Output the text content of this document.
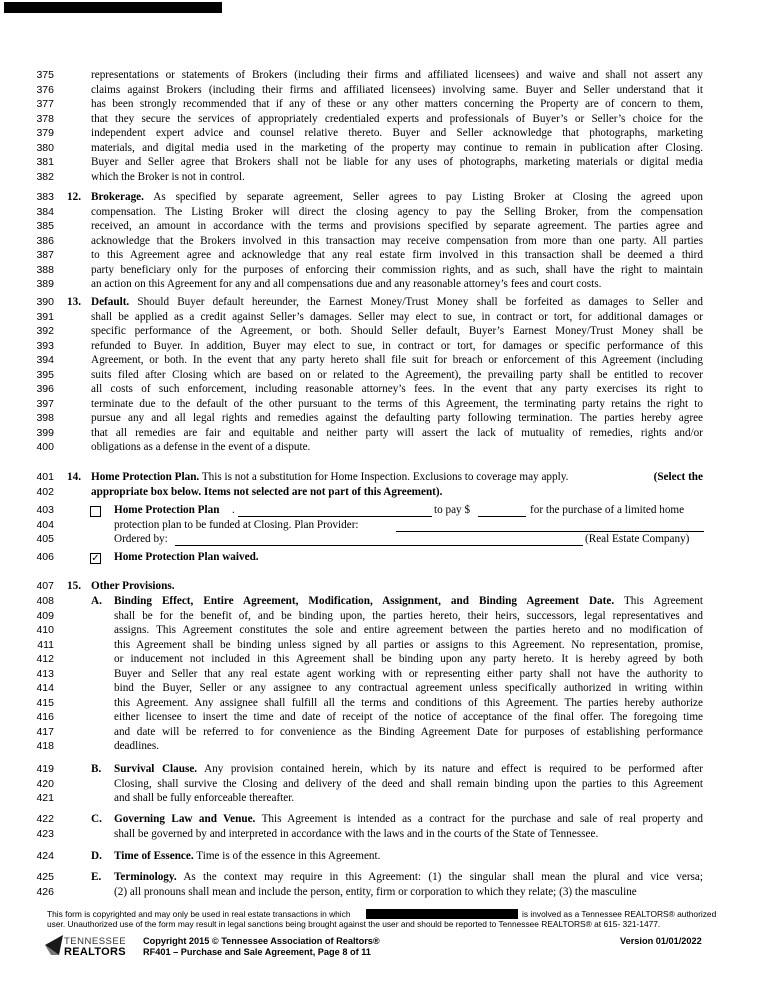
375	representations or statements of Brokers (including their firms and affiliated licensees) and waive and shall not assert any
376	claims against Brokers (including their firms and affiliated licensees) involving same. Buyer and Seller understand that it
377	has been strongly recommended that if any of these or any other matters concerning the Property are of concern to them,
378	that they secure the services of appropriately credentialed experts and professionals of Buyer’s or Seller’s choice for the
379	independent expert advice and counsel relative thereto. Buyer and Seller acknowledge that photographs, marketing
380	materials, and digital media used in the marketing of the property may continue to remain in publication after Closing.
381	Buyer and Seller agree that Brokers shall not be liable for any uses of photographs, marketing materials or digital media
382	which the Broker is not in control.
12.
383	Brokerage. As specified by separate agreement, Seller agrees to pay Listing Broker at Closing the agreed upon
384	compensation. The Listing Broker will direct the closing agency to pay the Selling Broker, from the compensation
385	received, an amount in accordance with the terms and provisions specified by separate agreement. The parties agree and
386	acknowledge that the Brokers involved in this transaction may receive compensation from more than one party. All parties
387	to this Agreement agree and acknowledge that any real estate firm involved in this transaction shall be deemed a third
388	party beneficiary only for the purposes of enforcing their commission rights, and as such, shall have the right to maintain
389	an action on this Agreement for any and all compensations due and any reasonable attorney’s fees and court costs.
13.
390	Default. Should Buyer default hereunder, the Earnest Money/Trust Money shall be forfeited as damages to Seller and
391	shall be applied as a credit against Seller’s damages. Seller may elect to sue, in contract or tort, for additional damages or
392	specific performance of the Agreement, or both. Should Seller default, Buyer’s Earnest Money/Trust Money shall be
393	refunded to Buyer. In addition, Buyer may elect to sue, in contract or tort, for damages or specific performance of this
394	Agreement, or both. In the event that any party hereto shall file suit for breach or enforcement of this Agreement (including
395	suits filed after Closing which are based on or related to the Agreement), the prevailing party shall be entitled to recover
396	all costs of such enforcement, including reasonable attorney’s fees. In the event that any party exercises its right to
397	terminate due to the default of the other pursuant to the terms of this Agreement, the terminating party retains the right to
398	pursue any and all legal rights and remedies against the defaulting party following termination. The parties hereby agree
399	that all remedies are fair and equitable and neither party will assert the lack of mutuality of remedies, rights and/or
400	obligations as a defense in the event of a dispute.
A.
408	Binding Effect, Entire Agreement, Modification, Assignment, and Binding Agreement Date. This Agreement
409	shall be for the benefit of, and be binding upon, the parties hereto, their heirs, successors, legal representatives and
410	assigns. This Agreement constitutes the sole and entire agreement between the parties hereto and no modification of
411	this Agreement shall be binding unless signed by all parties or assigns to this Agreement. No representation, promise,
412	or inducement not included in this Agreement shall be binding upon any party hereto. It is hereby agreed by both
413	Buyer and Seller that any real estate agent working with or representing either party shall not have the authority to
414	bind the Buyer, Seller or any assignee to any contractual agreement unless specifically authorized in writing within
415	this Agreement. Any assignee shall fulfill all the terms and conditions of this Agreement. The parties hereby authorize
416	either licensee to insert the time and date of receipt of the notice of acceptance of the final offer. The foregoing time
417	and date will be referred to for convenience as the Binding Agreement Date for purposes of establishing performance
418	deadlines.
B.
419	Survival Clause. Any provision contained herein, which by its nature and effect is required to be performed after
420	Closing, shall survive the Closing and delivery of the deed and shall remain binding upon the parties to this Agreement
421	and shall be fully enforceable thereafter.
C.
422	Governing Law and Venue. This Agreement is intended as a contract for the purchase and sale of real property and
423	shall be governed by and interpreted in accordance with the laws and in the courts of the State of Tennessee.
D.
424	Time of Essence. Time is of the essence in this Agreement.
E.
425	Terminology. As the context may require in this Agreement: (1) the singular shall mean the plural and vice versa;
426	(2) all pronouns shall mean and include the person, entity, firm or corporation to which they relate; (3) the masculine
401 14. Home Protection Plan. This is not a substitution for Home Inspection. Exclusions to coverage may apply.	(Select the
402	appropriate box below. Items not selected are not part of this Agreement).
403	Home Protection Plan .	to pay $	for the purchase of a limited home
404	protection plan to be funded at Closing. Plan Provider:
405	Ordered by:	(Real Estate Company)
406	✓ Home Protection Plan waived.
407 15. Other Provisions.
This form is copyrighted and may only be used in real estate transactions in which	is involved as a Tennessee REALTORS® authorized
user. Unauthorized use of the form may result in legal sanctions being brought against the user and should be reported to Tennessee REALTORS® at 615- 321-1477.
TENNESSEE
REALTORS
Copyright 2015 © Tennessee Association of Realtors®
RF401 – Purchase and Sale Agreement, Page 8 of 11
Version 01/01/2022
